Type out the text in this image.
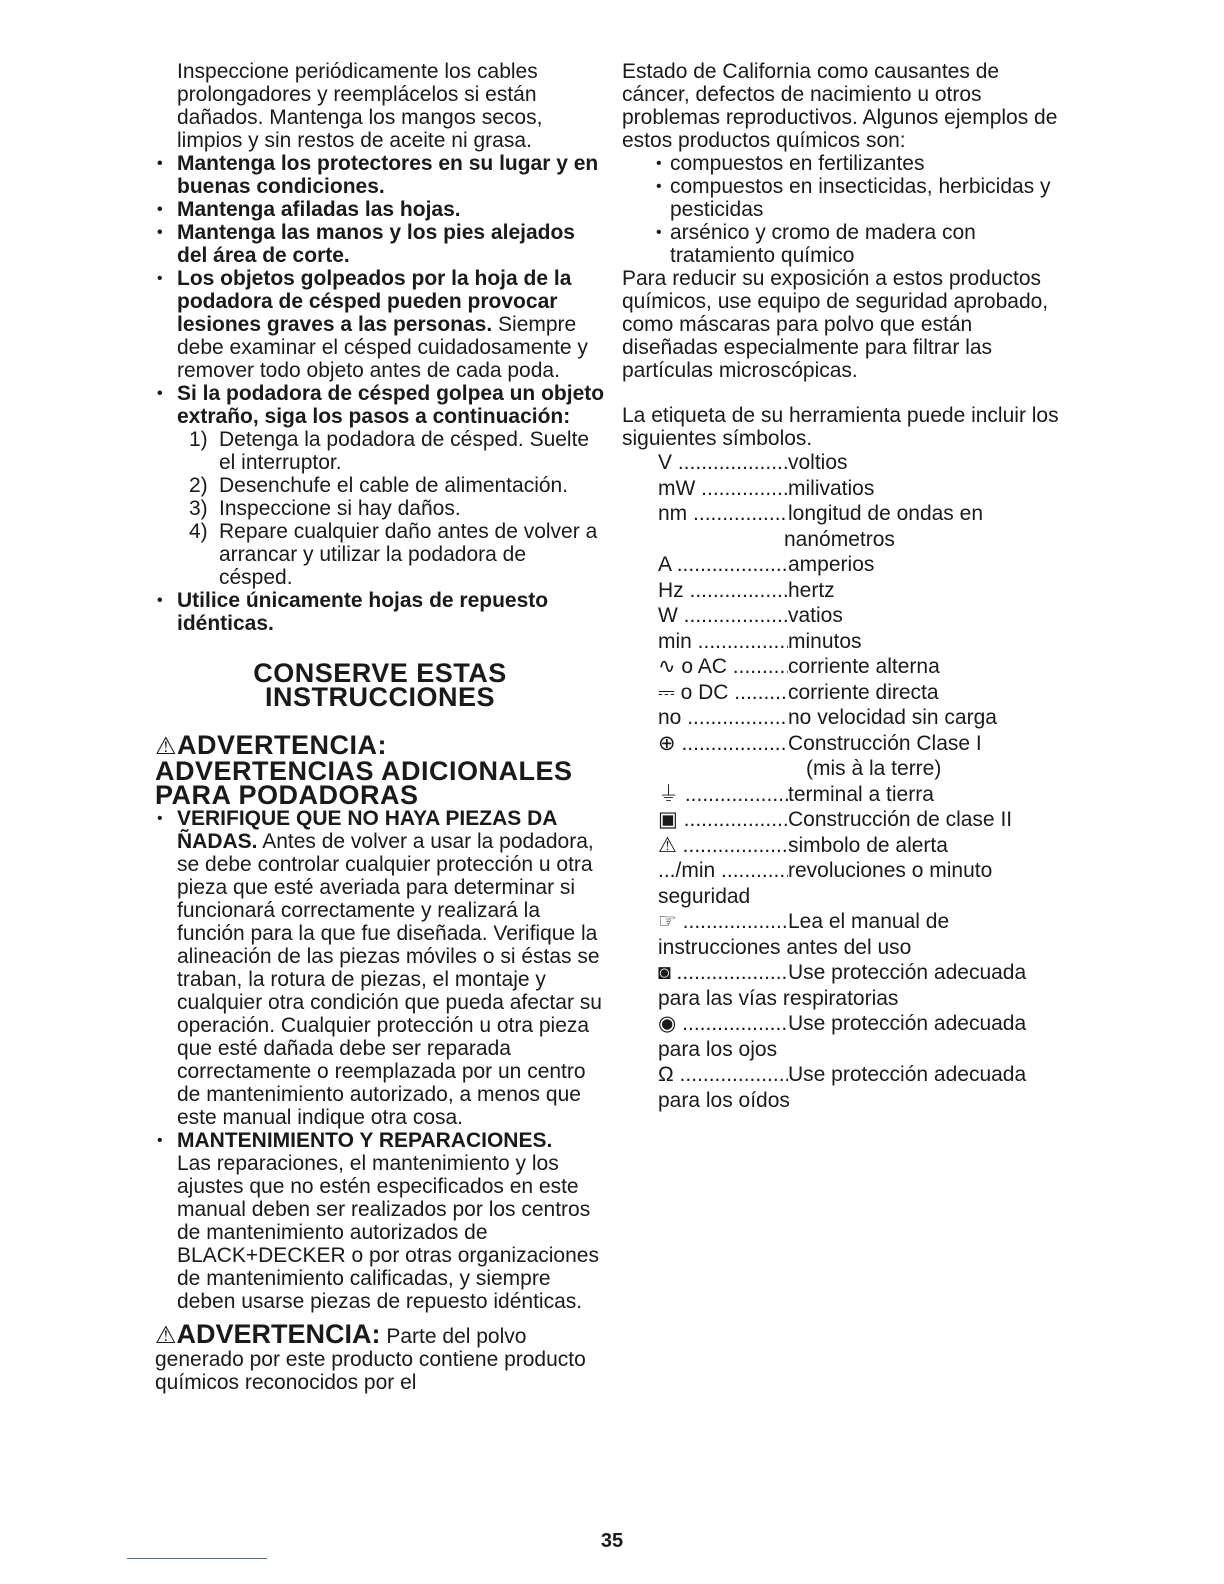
Inspeccione periódicamente los cables prolongadores y reemplácelos si están dañados. Mantenga los mangos secos, limpios y sin restos de aceite ni grasa.

• Mantenga los protectores en su lugar y en buenas condiciones.

• Mantenga afiladas las hojas.

• Mantenga las manos y los pies alejados del área de corte.

• Los objetos golpeados por la hoja de la podadora de césped pueden provocar lesiones graves a las personas. Siempre debe examinar el césped cuidadosamente y remover todo objeto antes de cada poda.

• Si la podadora de césped golpea un objeto extraño, siga los pasos a continuación:

1) Detenga la podadora de césped. Suelte el interruptor.

2) Desenchufe el cable de alimentación.

3) Inspeccione si hay daños.

4) Repare cualquier daño antes de volver a arrancar y utilizar la podadora de césped.

• Utilice únicamente hojas de repuesto idénticas.

CONSERVE ESTAS
INSTRUCCIONES
⚠ADVERTENCIA:
ADVERTENCIAS ADICIONALES
PARA PODADORAS

• VERIFIQUE QUE NO HAYA PIEZAS DA ÑADAS. Antes de volver a usar la podadora, se debe controlar cualquier protección u otra pieza que esté averiada para determinar si funcionará correctamente y realizará la función para la que fue diseñada. Verifique la alineación de las piezas móviles o si éstas se traban, la rotura de piezas, el montaje y cualquier otra condición que pueda afectar su operación. Cualquier protección u otra pieza que esté dañada debe ser reparada correctamente o reemplazada por un centro de mantenimiento autorizado, a menos que este manual indique otra cosa.

• MANTENIMIENTO Y REPARACIONES.
Las reparaciones, el mantenimiento y los ajustes que no estén especificados en este manual deben ser realizados por los centros de mantenimiento autorizados de BLACK+DECKER o por otras organizaciones de mantenimiento calificadas, y siempre deben usarse piezas de repuesto idénticas.

⚠ADVERTENCIA: Parte del polvo generado por este producto contiene producto químicos reconocidos por el

Estado de California como causantes de cáncer, defectos de nacimiento u otros problemas reproductivos. Algunos ejemplos de estos productos químicos son:

• compuestos en fertilizantes

• compuestos en insecticidas, herbicidas y pesticidas

• arsénico y cromo de madera con tratamiento químico

Para reducir su exposición a estos productos químicos, use equipo de seguridad aprobado, como máscaras para polvo que están diseñadas especialmente para filtrar las partículas microscópicas.

La etiqueta de su herramienta puede incluir los siguientes símbolos.

V .....	voltios
mW .....	milivatios
nm .....	longitud de ondas en
nanómetros
A .....	amperios
Hz .....	hertz
W .....	vatios
min .....	minutos
∿ o AC .....	corriente alterna
⎓ o DC .....	corriente directa
no .....	no velocidad sin carga
⊕ .....	Construcción Clase I
(mis à la terre)
⏚ .....	terminal a tierra
▣ .....	Construcción de clase II
⚠ .....	simbolo de alerta
.../min .....	revoluciones o minuto
seguridad
☞ .....	Lea el manual de
instrucciones antes del uso
◙ .....	Use protección adecuada
para las vías respiratorias
◉ .....	Use protección adecuada
para los ojos
Ω .....	Use protección adecuada
para los oídos
35
